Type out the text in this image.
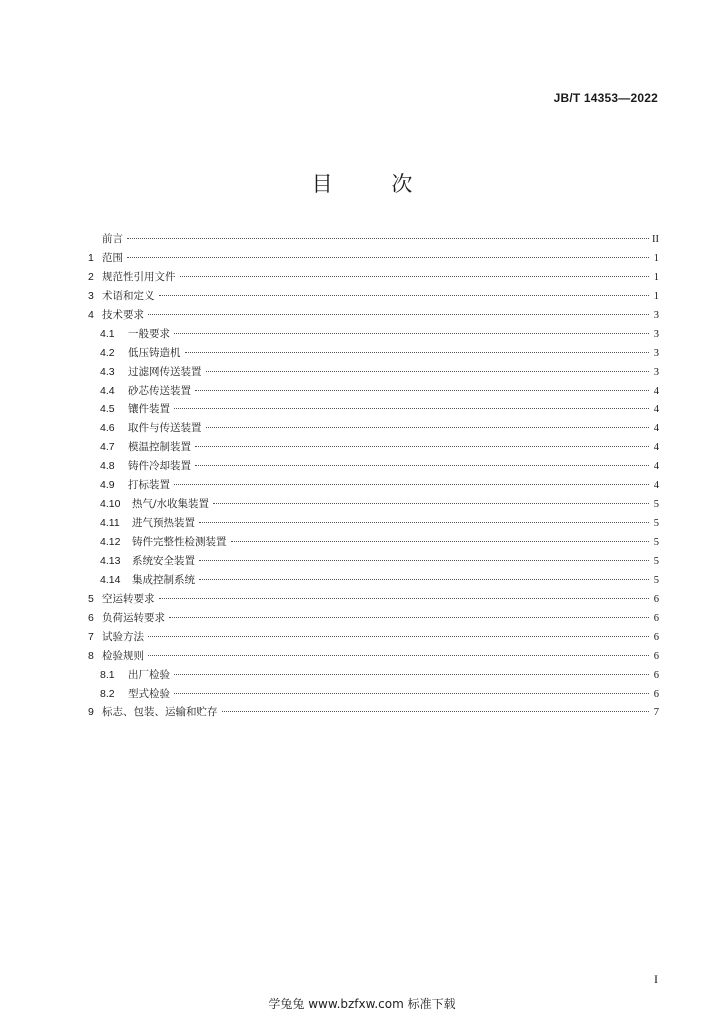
JB/T 14353—2022
目 次
前言	II
1 范围	1
2 规范性引用文件	1
3 术语和定义	1
4 技术要求	3
4.1	一般要求	3
4.2	低压铸造机	3
4.3	过滤网传送装置	3
4.4	砂芯传送装置	4
4.5	镶件装置	4
4.6	取件与传送装置	4
4.7	模温控制装置	4
4.8	铸件冷却装置	4
4.9	打标装置	4
4.10	热气/水收集装置	5
4.11	进气预热装置	5
4.12	铸件完整性检测装置	5
4.13	系统安全装置	5
4.14	集成控制系统	5
5 空运转要求	6
6 负荷运转要求	6
7 试验方法	6
8 检验规则	6
8.1	出厂检验	6
8.2	型式检验	6
9 标志、包装、运输和贮存	7
I
学兔兔 www.bzfxw.com 标准下载
